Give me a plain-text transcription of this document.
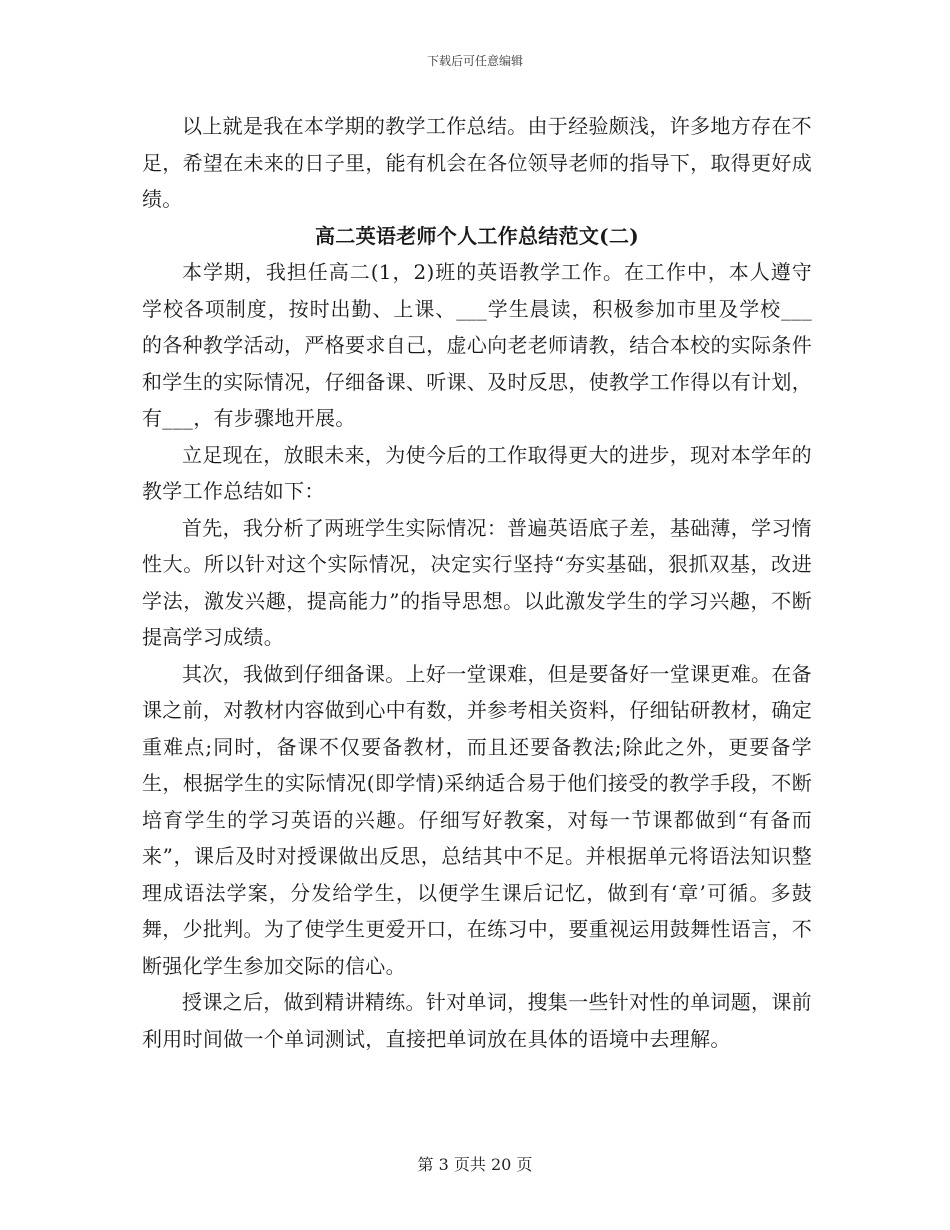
下载后可任意编辑

以上就是我在本学期的教学工作总结。由于经验颇浅，许多地方存在不足，希望在未来的日子里，能有机会在各位领导老师的指导下，取得更好成绩。

高二英语老师个人工作总结范文(二)

本学期，我担任高二(1，2)班的英语教学工作。在工作中，本人遵守学校各项制度，按时出勤、上课、___学生晨读，积极参加市里及学校___的各种教学活动，严格要求自己，虚心向老老师请教，结合本校的实际条件和学生的实际情况，仔细备课、听课、及时反思，使教学工作得以有计划，有___，有步骤地开展。

立足现在，放眼未来，为使今后的工作取得更大的进步，现对本学年的教学工作总结如下：

首先，我分析了两班学生实际情况：普遍英语底子差，基础薄，学习惰性大。所以针对这个实际情况，决定实行坚持“夯实基础，狠抓双基，改进学法，激发兴趣，提高能力”的指导思想。以此激发学生的学习兴趣，不断提高学习成绩。

其次，我做到仔细备课。上好一堂课难，但是要备好一堂课更难。在备课之前，对教材内容做到心中有数，并参考相关资料，仔细钻研教材，确定重难点;同时，备课不仅要备教材，而且还要备教法;除此之外，更要备学生，根据学生的实际情况(即学情)采纳适合易于他们接受的教学手段，不断培育学生的学习英语的兴趣。仔细写好教案，对每一节课都做到“有备而来”，课后及时对授课做出反思，总结其中不足。并根据单元将语法知识整理成语法学案，分发给学生，以便学生课后记忆，做到有‘章’可循。多鼓舞，少批判。为了使学生更爱开口，在练习中，要重视运用鼓舞性语言，不断强化学生参加交际的信心。

授课之后，做到精讲精练。针对单词，搜集一些针对性的单词题，课前利用时间做一个单词测试，直接把单词放在具体的语境中去理解。

第 3 页共 20 页
